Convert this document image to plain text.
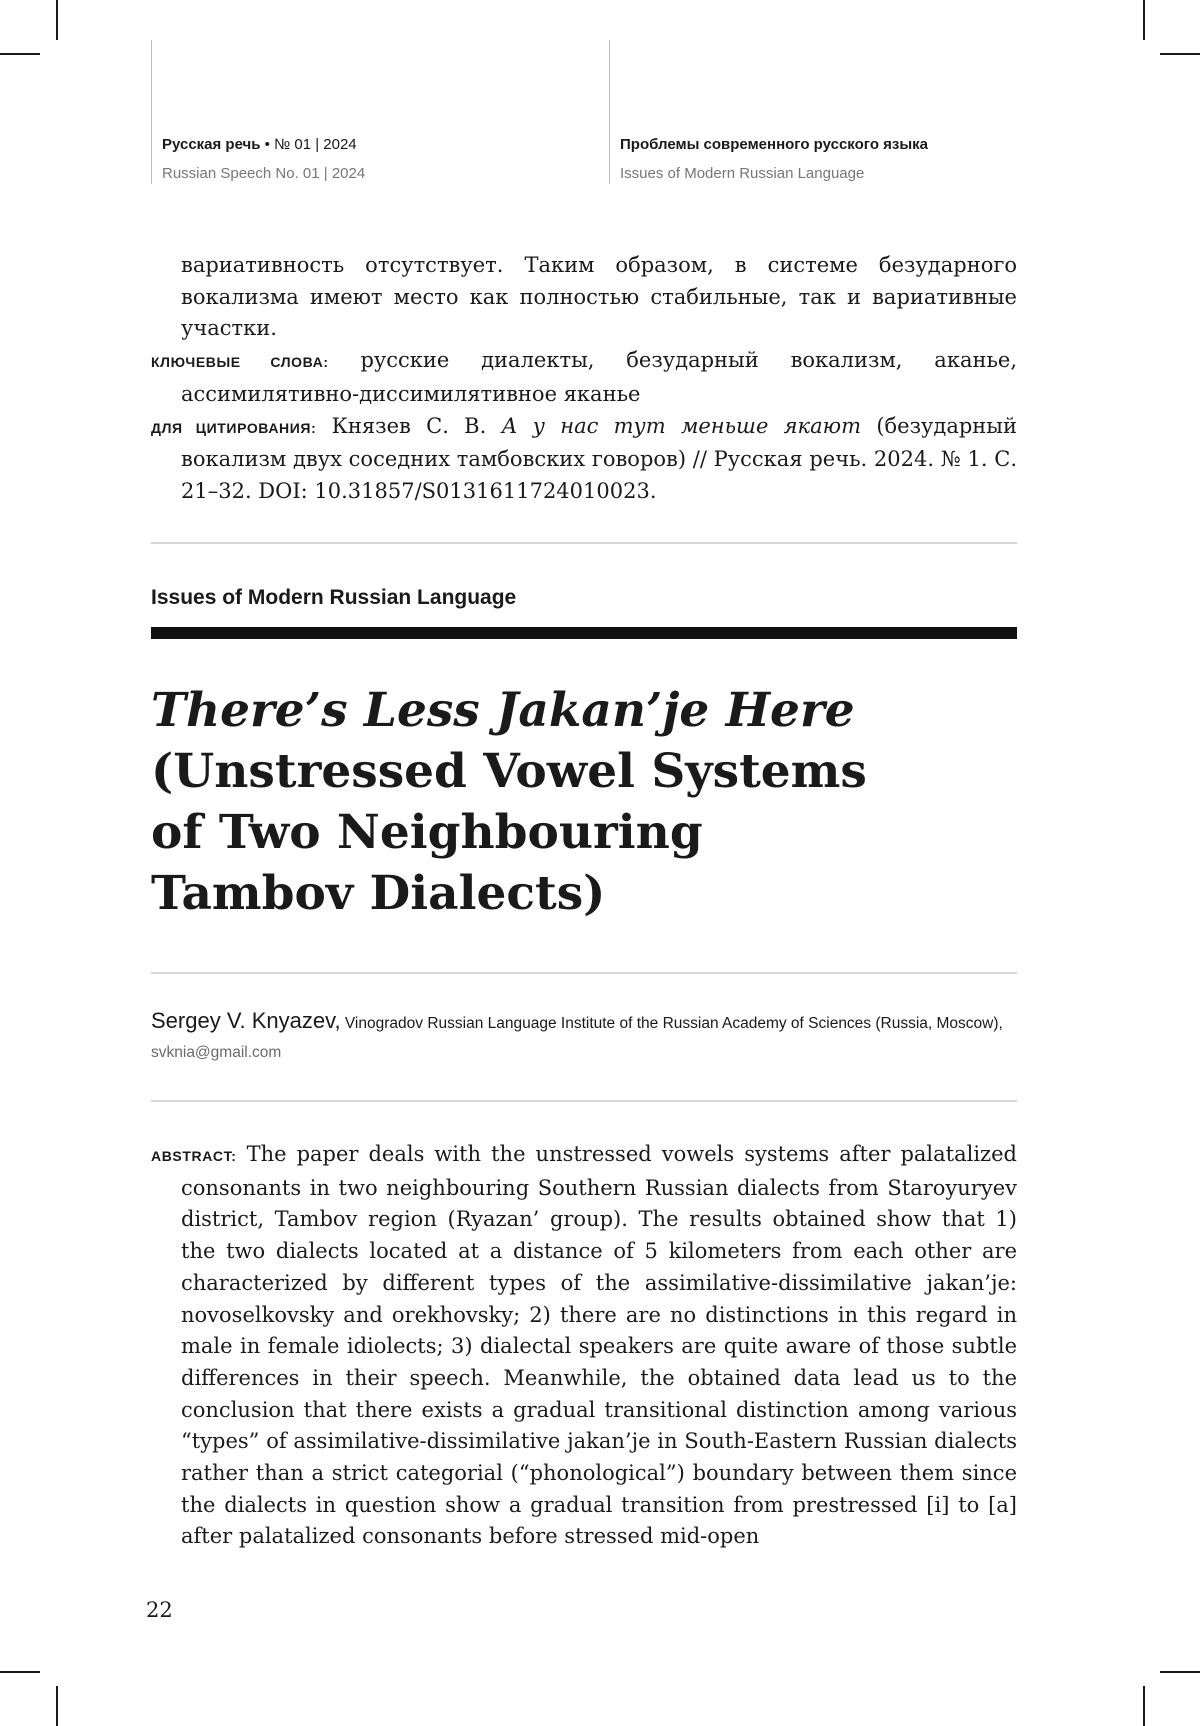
Русская речь • № 01 | 2024
Russian Speech No. 01 | 2024
Проблемы современного русского языка
Issues of Modern Russian Language

вариативность отсутствует. Таким образом, в системе безударного вокализма имеют место как полностью стабильные, так и вариативные участки.

КЛЮЧЕВЫЕ СЛОВА: русские диалекты, безударный вокализм, аканье, ассимилятивно-диссимилятивное яканье

ДЛЯ ЦИТИРОВАНИЯ: Князев С. В. А у нас тут меньше якают (безударный вокализм двух соседних тамбовских говоров) // Русская речь. 2024. № 1. С. 21–32. DOI: 10.31857/S0131611724010023.

Issues of Modern Russian Language
There’s Less Jakan’je Here
(Unstressed Vowel Systems
of Two Neighbouring
Tambov Dialects)
Sergey V. Knyazev, Vinogradov Russian Language Institute of the Russian Academy of Sciences (Russia, Moscow), svknia@gmail.com

ABSTRACT: The paper deals with the unstressed vowels systems after palatalized consonants in two neighbouring Southern Russian dialects from Staroyuryev district, Tambov region (Ryazan’ group). The results obtained show that 1) the two dialects located at a distance of 5 kilometers from each other are characterized by different types of the assimilative-dissimilative jakan’je: novoselkovsky and orekhovsky; 2) there are no distinctions in this regard in male in female idiolects; 3) dialectal speakers are quite aware of those subtle differences in their speech. Meanwhile, the obtained data lead us to the conclusion that there exists a gradual transitional distinction among various “types” of assimilative-dissimilative jakan’je in South-Eastern Russian dialects rather than a strict categorial (“phonological”) boundary between them since the dialects in question show a gradual transition from prestressed [i] to [a] after palatalized consonants before stressed mid-open

22
